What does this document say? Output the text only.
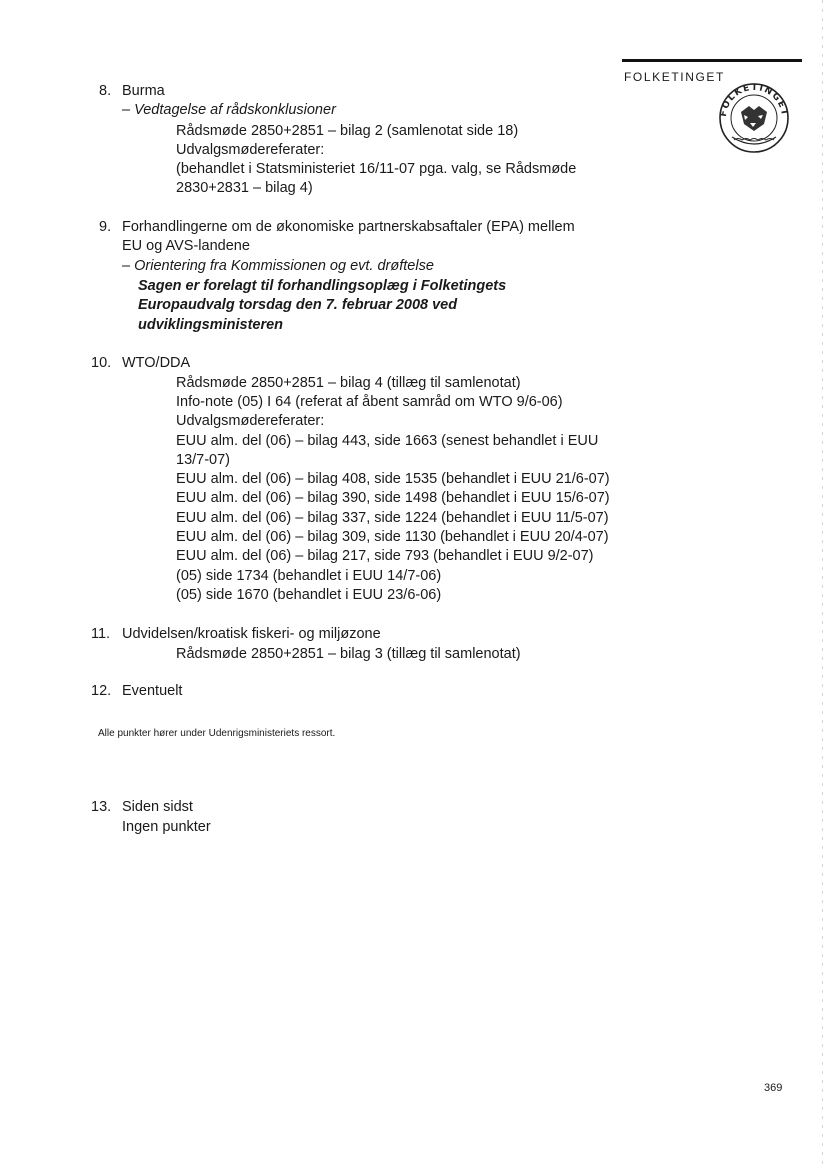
FOLKETINGET
FOLKETINGET
8. Burma
– Vedtagelse af rådskonklusioner
Rådsmøde 2850+2851 – bilag 2 (samlenotat side 18)
Udvalgsmødereferater:
(behandlet i Statsministeriet 16/11-07 pga. valg, se Rådsmøde
2830+2831 – bilag 4)
9. Forhandlingerne om de økonomiske partnerskabsaftaler (EPA) mellem
EU og AVS-landene
– Orientering fra Kommissionen og evt. drøftelse
Sagen er forelagt til forhandlingsoplæg i Folketingets
Europaudvalg torsdag den 7. februar 2008 ved
udviklingsministeren
10. WTO/DDA
Rådsmøde 2850+2851 – bilag 4 (tillæg til samlenotat)
Info-note (05) I 64 (referat af åbent samråd om WTO 9/6-06)
Udvalgsmødereferater:
EUU alm. del (06) – bilag 443, side 1663 (senest behandlet i EUU
13/7-07)
EUU alm. del (06) – bilag 408, side 1535 (behandlet i EUU 21/6-07)
EUU alm. del (06) – bilag 390, side 1498 (behandlet i EUU 15/6-07)
EUU alm. del (06) – bilag 337, side 1224 (behandlet i EUU 11/5-07)
EUU alm. del (06) – bilag 309, side 1130 (behandlet i EUU 20/4-07)
EUU alm. del (06) – bilag 217, side 793 (behandlet i EUU 9/2-07)
(05) side 1734 (behandlet i EUU 14/7-06)
(05) side 1670 (behandlet i EUU 23/6-06)
11. Udvidelsen/kroatisk fiskeri- og miljøzone
Rådsmøde 2850+2851 – bilag 3 (tillæg til samlenotat)
12. Eventuelt
Alle punkter hører under Udenrigsministeriets ressort.
13. Siden sidst
Ingen punkter
369
